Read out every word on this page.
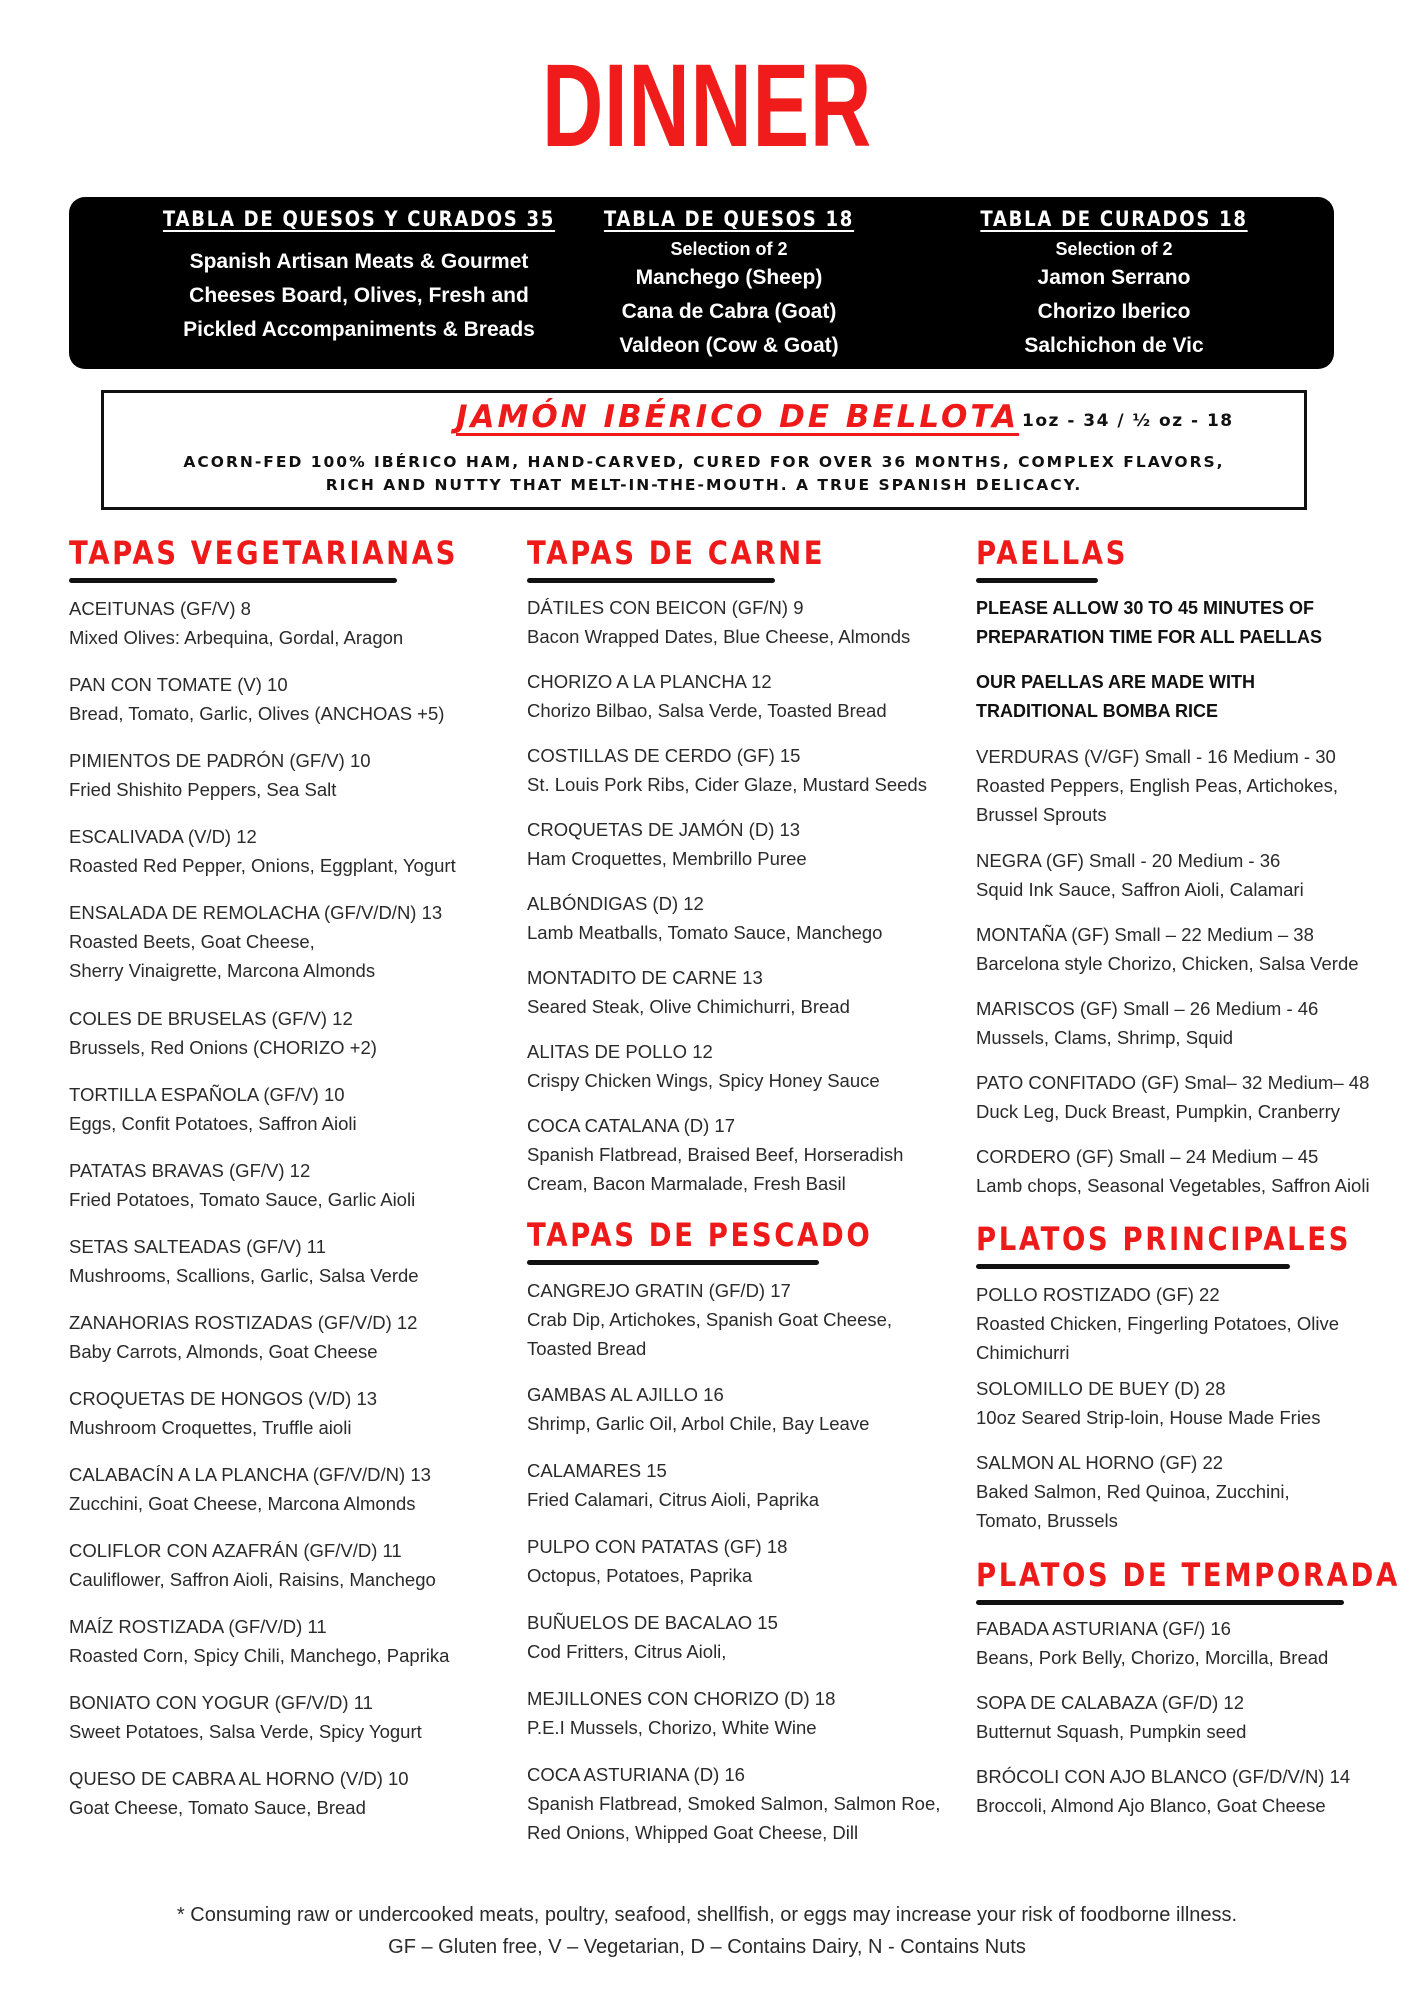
DINNER
TABLA DE QUESOS Y CURADOS 35
Spanish Artisan Meats & Gourmet
Cheeses Board, Olives, Fresh and
Pickled Accompaniments & Breads
TABLA DE QUESOS 18
Selection of 2
Manchego (Sheep)
Cana de Cabra (Goat)
Valdeon (Cow & Goat)
TABLA DE CURADOS 18
Selection of 2
Jamon Serrano
Chorizo Iberico
Salchichon de Vic
JAMÓN IBÉRICO DE BELLOTA 1oz - 34 / ½ oz - 18
ACORN-FED 100% IBÉRICO HAM, HAND-CARVED, CURED FOR OVER 36 MONTHS, COMPLEX FLAVORS,
RICH AND NUTTY THAT MELT-IN-THE-MOUTH. A TRUE SPANISH DELICACY.
TAPAS VEGETARIANAS
ACEITUNAS (GF/V) 8
Mixed Olives: Arbequina, Gordal, Aragon
PAN CON TOMATE (V) 10
Bread, Tomato, Garlic, Olives (ANCHOAS +5)
PIMIENTOS DE PADRÓN (GF/V) 10
Fried Shishito Peppers, Sea Salt
ESCALIVADA (V/D) 12
Roasted Red Pepper, Onions, Eggplant, Yogurt
ENSALADA DE REMOLACHA (GF/V/D/N) 13
Roasted Beets, Goat Cheese,
Sherry Vinaigrette, Marcona Almonds
COLES DE BRUSELAS (GF/V) 12
Brussels, Red Onions (CHORIZO +2)
TORTILLA ESPAÑOLA (GF/V) 10
Eggs, Confit Potatoes, Saffron Aioli
PATATAS BRAVAS (GF/V) 12
Fried Potatoes, Tomato Sauce, Garlic Aioli
SETAS SALTEADAS (GF/V) 11
Mushrooms, Scallions, Garlic, Salsa Verde
ZANAHORIAS ROSTIZADAS (GF/V/D) 12
Baby Carrots, Almonds, Goat Cheese
CROQUETAS DE HONGOS (V/D) 13
Mushroom Croquettes, Truffle aioli
CALABACÍN A LA PLANCHA (GF/V/D/N) 13
Zucchini, Goat Cheese, Marcona Almonds
COLIFLOR CON AZAFRÁN (GF/V/D) 11
Cauliflower, Saffron Aioli, Raisins, Manchego
MAÍZ ROSTIZADA (GF/V/D) 11
Roasted Corn, Spicy Chili, Manchego, Paprika
BONIATO CON YOGUR (GF/V/D) 11
Sweet Potatoes, Salsa Verde, Spicy Yogurt
QUESO DE CABRA AL HORNO (V/D) 10
Goat Cheese, Tomato Sauce, Bread
TAPAS DE CARNE
DÁTILES CON BEICON (GF/N) 9
Bacon Wrapped Dates, Blue Cheese, Almonds
CHORIZO A LA PLANCHA 12
Chorizo Bilbao, Salsa Verde, Toasted Bread
COSTILLAS DE CERDO (GF) 15
St. Louis Pork Ribs, Cider Glaze, Mustard Seeds
CROQUETAS DE JAMÓN (D) 13
Ham Croquettes, Membrillo Puree
ALBÓNDIGAS (D) 12
Lamb Meatballs, Tomato Sauce, Manchego
MONTADITO DE CARNE 13
Seared Steak, Olive Chimichurri, Bread
ALITAS DE POLLO 12
Crispy Chicken Wings, Spicy Honey Sauce
COCA CATALANA (D) 17
Spanish Flatbread, Braised Beef, Horseradish
Cream, Bacon Marmalade, Fresh Basil
TAPAS DE PESCADO
CANGREJO GRATIN (GF/D) 17
Crab Dip, Artichokes, Spanish Goat Cheese,
Toasted Bread
GAMBAS AL AJILLO 16
Shrimp, Garlic Oil, Arbol Chile, Bay Leave
CALAMARES 15
Fried Calamari, Citrus Aioli, Paprika
PULPO CON PATATAS (GF) 18
Octopus, Potatoes, Paprika
BUÑUELOS DE BACALAO 15
Cod Fritters, Citrus Aioli,
MEJILLONES CON CHORIZO (D) 18
P.E.I Mussels, Chorizo, White Wine
COCA ASTURIANA (D) 16
Spanish Flatbread, Smoked Salmon, Salmon Roe,
Red Onions, Whipped Goat Cheese, Dill
PAELLAS
PLEASE ALLOW 30 TO 45 MINUTES OF
PREPARATION TIME FOR ALL PAELLAS
OUR PAELLAS ARE MADE WITH
TRADITIONAL BOMBA RICE
VERDURAS (V/GF) Small - 16 Medium - 30
Roasted Peppers, English Peas, Artichokes,
Brussel Sprouts
NEGRA (GF) Small - 20 Medium - 36
Squid Ink Sauce, Saffron Aioli, Calamari
MONTAÑA (GF) Small – 22 Medium – 38
Barcelona style Chorizo, Chicken, Salsa Verde
MARISCOS (GF) Small – 26 Medium - 46
Mussels, Clams, Shrimp, Squid
PATO CONFITADO (GF) Smal– 32 Medium– 48
Duck Leg, Duck Breast, Pumpkin, Cranberry
CORDERO (GF) Small – 24 Medium – 45
Lamb chops, Seasonal Vegetables, Saffron Aioli
PLATOS PRINCIPALES
POLLO ROSTIZADO (GF) 22
Roasted Chicken, Fingerling Potatoes, Olive
Chimichurri
SOLOMILLO DE BUEY (D) 28
10oz Seared Strip-loin, House Made Fries
SALMON AL HORNO (GF) 22
Baked Salmon, Red Quinoa, Zucchini,
Tomato, Brussels
PLATOS DE TEMPORADA
FABADA ASTURIANA (GF/) 16
Beans, Pork Belly, Chorizo, Morcilla, Bread
SOPA DE CALABAZA (GF/D) 12
Butternut Squash, Pumpkin seed
BRÓCOLI CON AJO BLANCO (GF/D/V/N) 14
Broccoli, Almond Ajo Blanco, Goat Cheese
* Consuming raw or undercooked meats, poultry, seafood, shellfish, or eggs may increase your risk of foodborne illness.
GF – Gluten free, V – Vegetarian, D – Contains Dairy, N - Contains Nuts
